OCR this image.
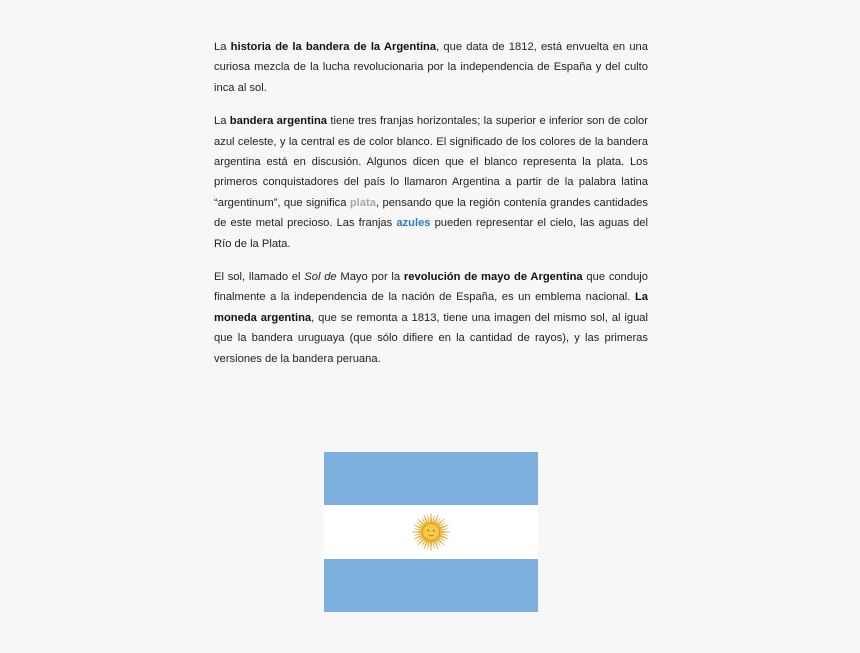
La historia de la bandera de la Argentina, que data de 1812, está envuelta en una curiosa mezcla de la lucha revolucionaria por la independencia de España y del culto inca al sol.

La bandera argentina tiene tres franjas horizontales; la superior e inferior son de color azul celeste, y la central es de color blanco. El significado de los colores de la bandera argentina está en discusión. Algunos dicen que el blanco representa la plata. Los primeros conquistadores del país lo llamaron Argentina a partir de la palabra latina “argentinum”, que significa plata, pensando que la región contenía grandes cantidades de este metal precioso. Las franjas azules pueden representar el cielo, las aguas del Río de la Plata.

El sol, llamado el Sol de Mayo por la revolución de mayo de Argentina que condujo finalmente a la independencia de la nación de España, es un emblema nacional. La moneda argentina, que se remonta a 1813, tiene una imagen del mismo sol, al igual que la bandera uruguaya (que sólo difiere en la cantidad de rayos), y las primeras versiones de la bandera peruana.
